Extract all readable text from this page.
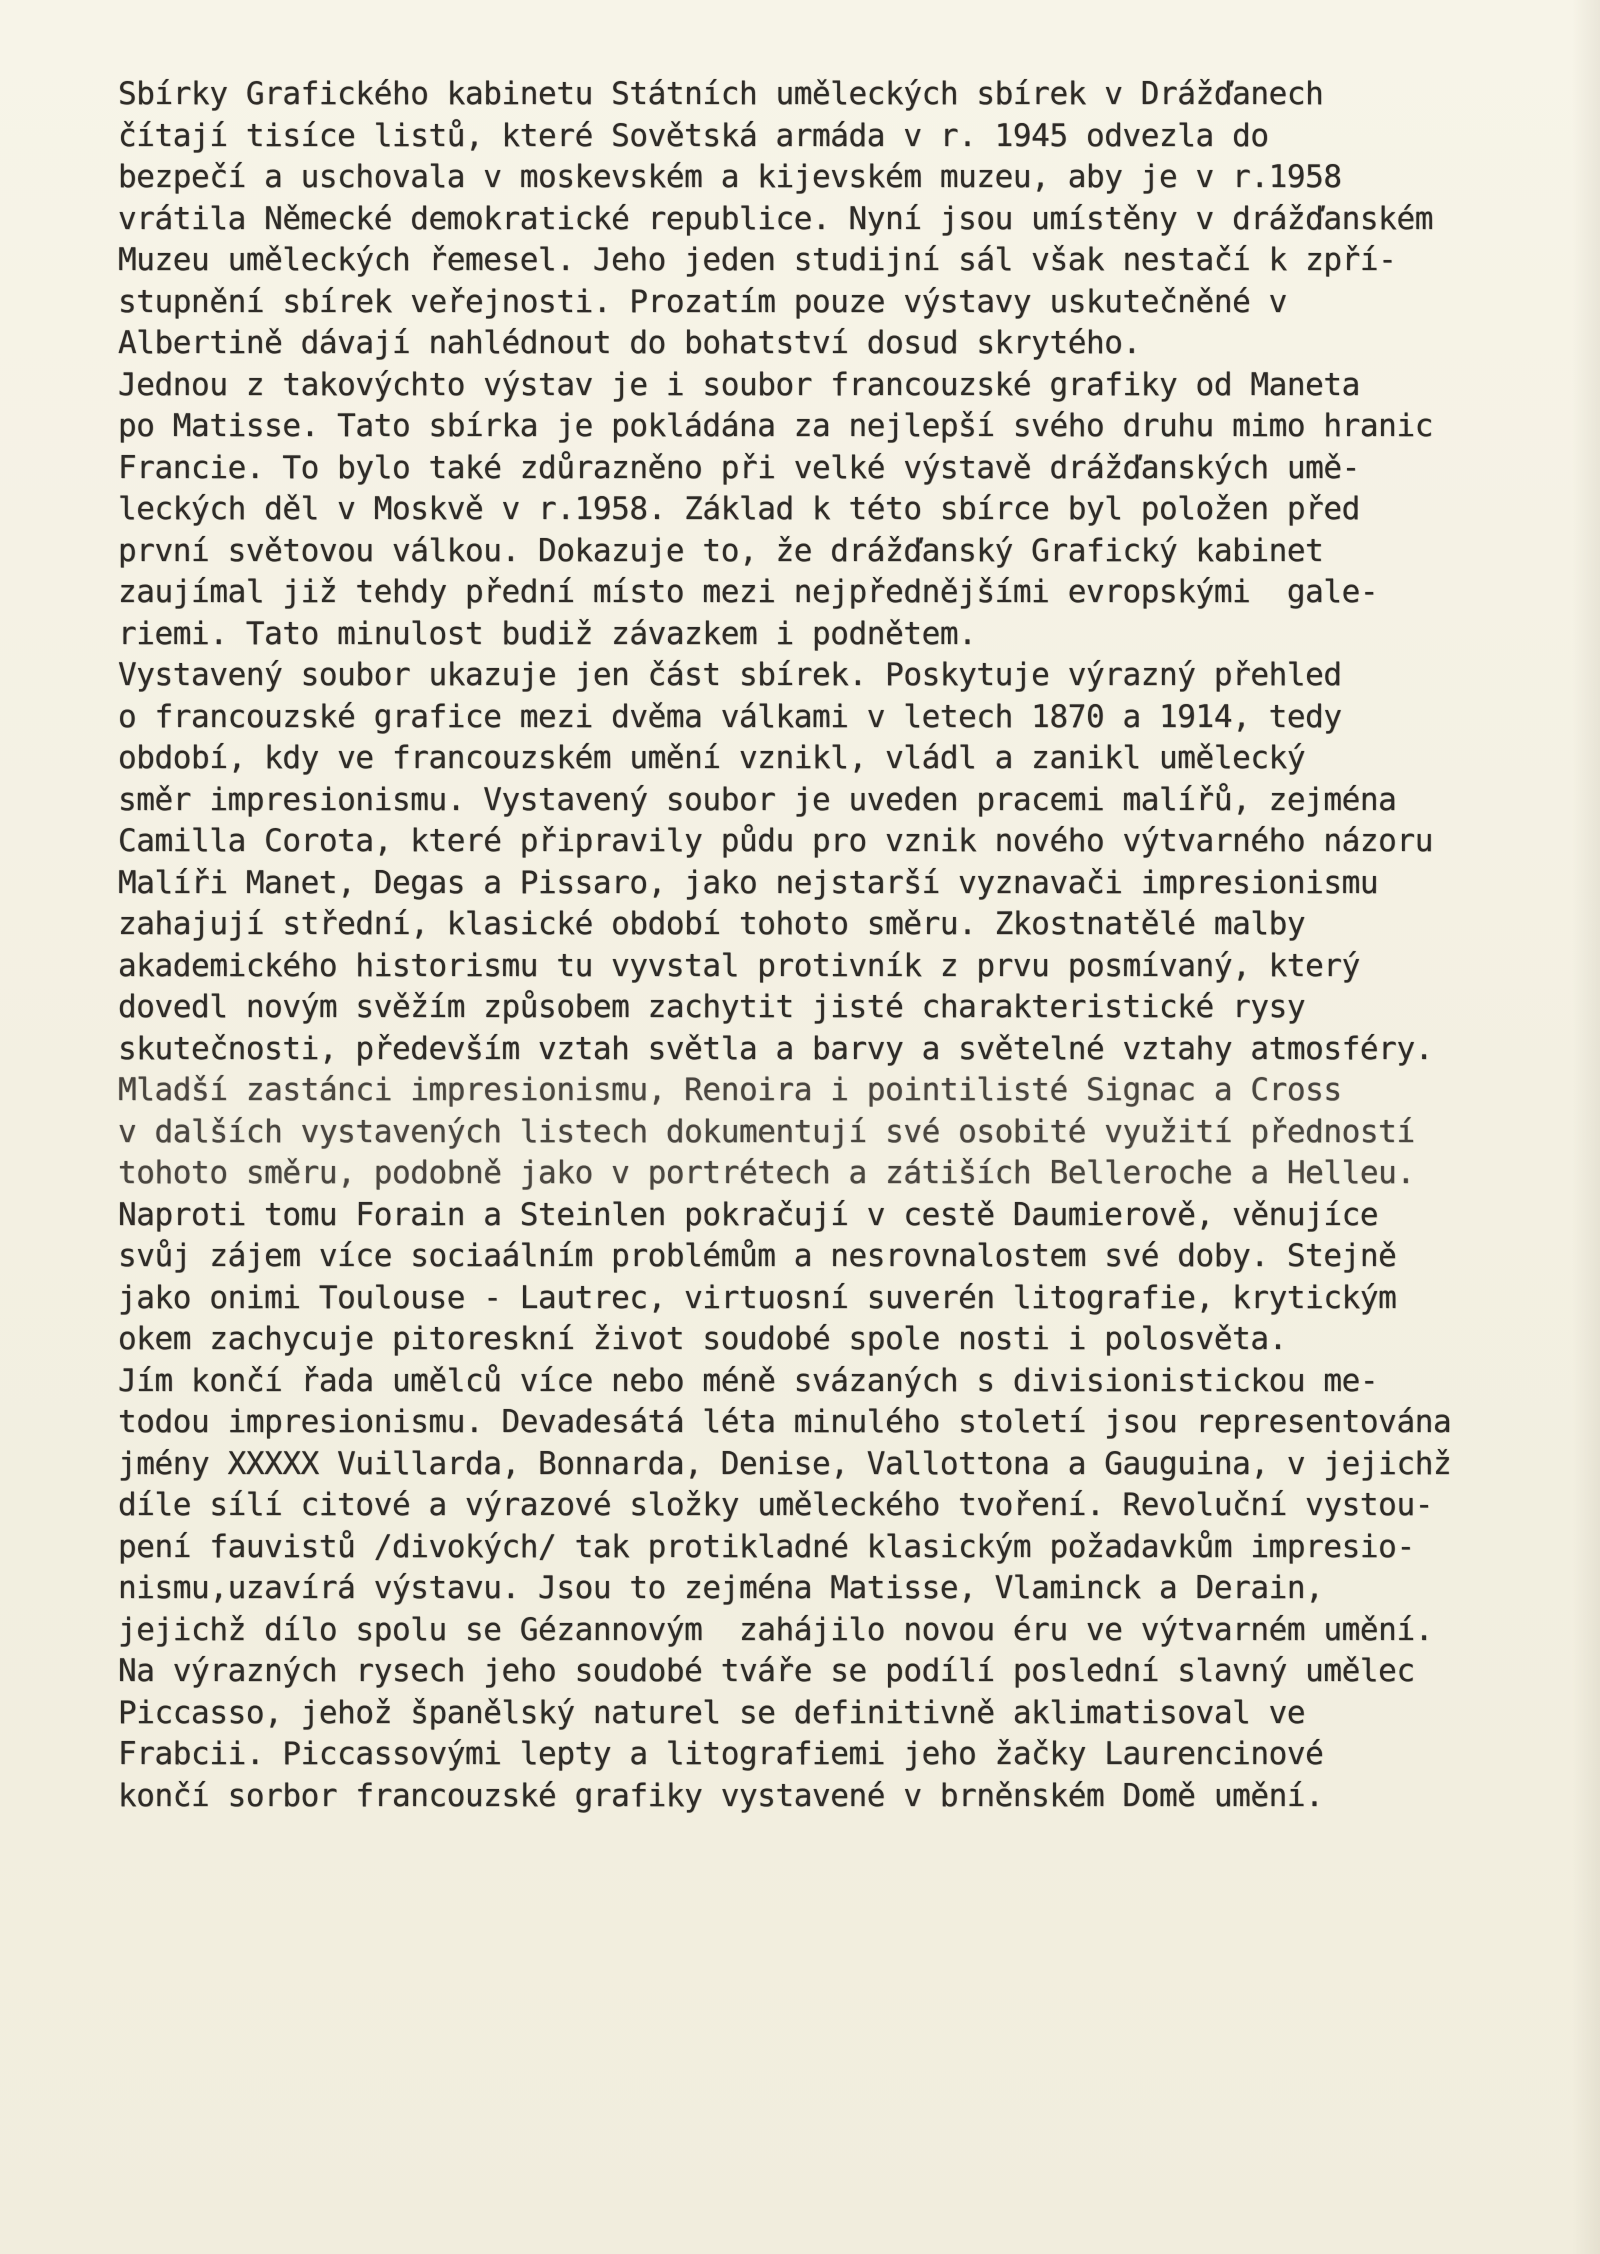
Sbírky Grafického kabinetu Státních uměleckých sbírek v Drážďanech
čítají tisíce listů, které Sovětská armáda v r. 1945 odvezla do
bezpečí a uschovala v moskevském a kijevském muzeu, aby je v r.1958
vrátila Německé demokratické republice. Nyní jsou umístěny v drážďanském
Muzeu uměleckých řemesel. Jeho jeden studijní sál však nestačí k zpří-
stupnění sbírek veřejnosti. Prozatím pouze výstavy uskutečněné v
Albertině dávají nahlédnout do bohatství dosud skrytého.
Jednou z takovýchto výstav je i soubor francouzské grafiky od Maneta
po Matisse. Tato sbírka je pokládána za nejlepší svého druhu mimo hranic
Francie. To bylo také zdůrazněno při velké výstavě drážďanských umě-
leckých děl v Moskvě v r.1958. Základ k této sbírce byl položen před
první světovou válkou. Dokazuje to, že drážďanský Grafický kabinet
zaujímal již tehdy přední místo mezi nejpřednějšími evropskými  gale-
riemi. Tato minulost budiž závazkem i podnětem.
Vystavený soubor ukazuje jen část sbírek. Poskytuje výrazný přehled
o francouzské grafice mezi dvěma válkami v letech 1870 a 1914, tedy
období, kdy ve francouzském umění vznikl, vládl a zanikl umělecký
směr impresionismu. Vystavený soubor je uveden pracemi malířů, zejména
Camilla Corota, které připravily půdu pro vznik nového výtvarného názoru
Malíři Manet, Degas a Pissaro, jako nejstarší vyznavači impresionismu
zahajují střední, klasické období tohoto směru. Zkostnatělé malby
akademického historismu tu vyvstal protivník z prvu posmívaný, který
dovedl novým svěžím způsobem zachytit jisté charakteristické rysy
skutečnosti, především vztah světla a barvy a světelné vztahy atmosféry.
Mladší zastánci impresionismu, Renoira i pointilisté Signac a Cross
v dalších vystavených listech dokumentují své osobité využití předností
tohoto směru, podobně jako v portrétech a zátiších Belleroche a Helleu.
Naproti tomu Forain a Steinlen pokračují v cestě Daumierově, věnujíce
svůj zájem více sociaálním problémům a nesrovnalostem své doby. Stejně
jako onimi Toulouse - Lautrec, virtuosní suverén litografie, krytickým
okem zachycuje pitoreskní život soudobé spole nosti i polosvěta.
Jím končí řada umělců více nebo méně svázaných s divisionistickou me-
todou impresionismu. Devadesátá léta minulého století jsou representována
jmény XXXXX Vuillarda, Bonnarda, Denise, Vallottona a Gauguina, v jejichž
díle sílí citové a výrazové složky uměleckého tvoření. Revoluční vystou-
pení fauvistů /divokých/ tak protikladné klasickým požadavkům impresio-
nismu,uzavírá výstavu. Jsou to zejména Matisse, Vlaminck a Derain,
jejichž dílo spolu se Gézannovým  zahájilo novou éru ve výtvarném umění.
Na výrazných rysech jeho soudobé tváře se podílí poslední slavný umělec
Piccasso, jehož španělský naturel se definitivně aklimatisoval ve
Frabcii. Piccassovými lepty a litografiemi jeho žačky Laurencinové
končí sorbor francouzské grafiky vystavené v brněnském Domě umění.
